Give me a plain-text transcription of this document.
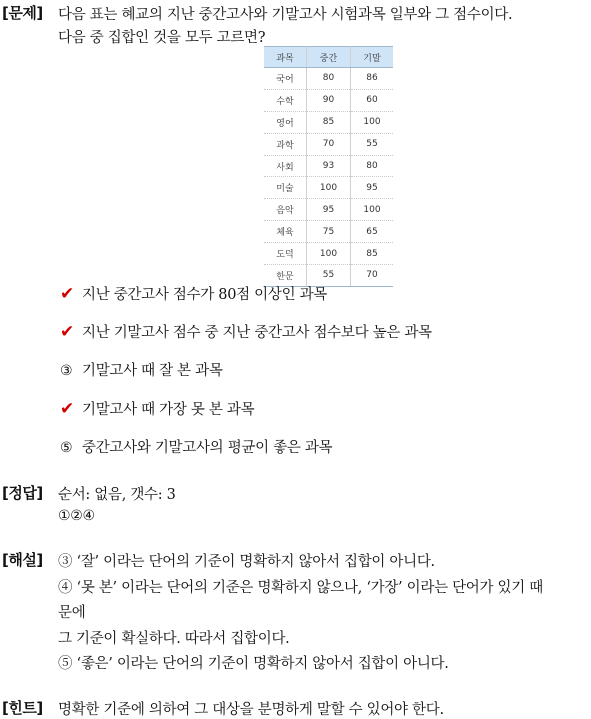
[문제] 다음 표는 혜교의 지난 중간고사와 기말고사 시험과목 일부와 그 점수이다.
다음 중 집합인 것을 모두 고르면?
과목	중간	기말
국어	80	86
수학	90	60
영어	85	100
과학	70	55
사회	93	80
미술	100	95
음악	95	100
체육	75	65
도덕	100	85
한문	55	70
✔ 지난 중간고사 점수가 80점 이상인 과목
✔ 지난 기말고사 점수 중 지난 중간고사 점수보다 높은 과목
③ 기말고사 때 잘 본 과목
✔ 기말고사 때 가장 못 본 과목
⑤ 중간고사와 기말고사의 평균이 좋은 과목
[정답] 순서: 없음, 갯수: 3
①②④
[해설] ③ ‘잘’ 이라는 단어의 기준이 명확하지 않아서 집합이 아니다.
④ ‘못 본’ 이라는 단어의 기준은 명확하지 않으나, ‘가장’ 이라는 단어가 있기 때
문에
그 기준이 확실하다. 따라서 집합이다.
⑤ ‘좋은’ 이라는 단어의 기준이 명확하지 않아서 집합이 아니다.
[힌트] 명확한 기준에 의하여 그 대상을 분명하게 말할 수 있어야 한다.
